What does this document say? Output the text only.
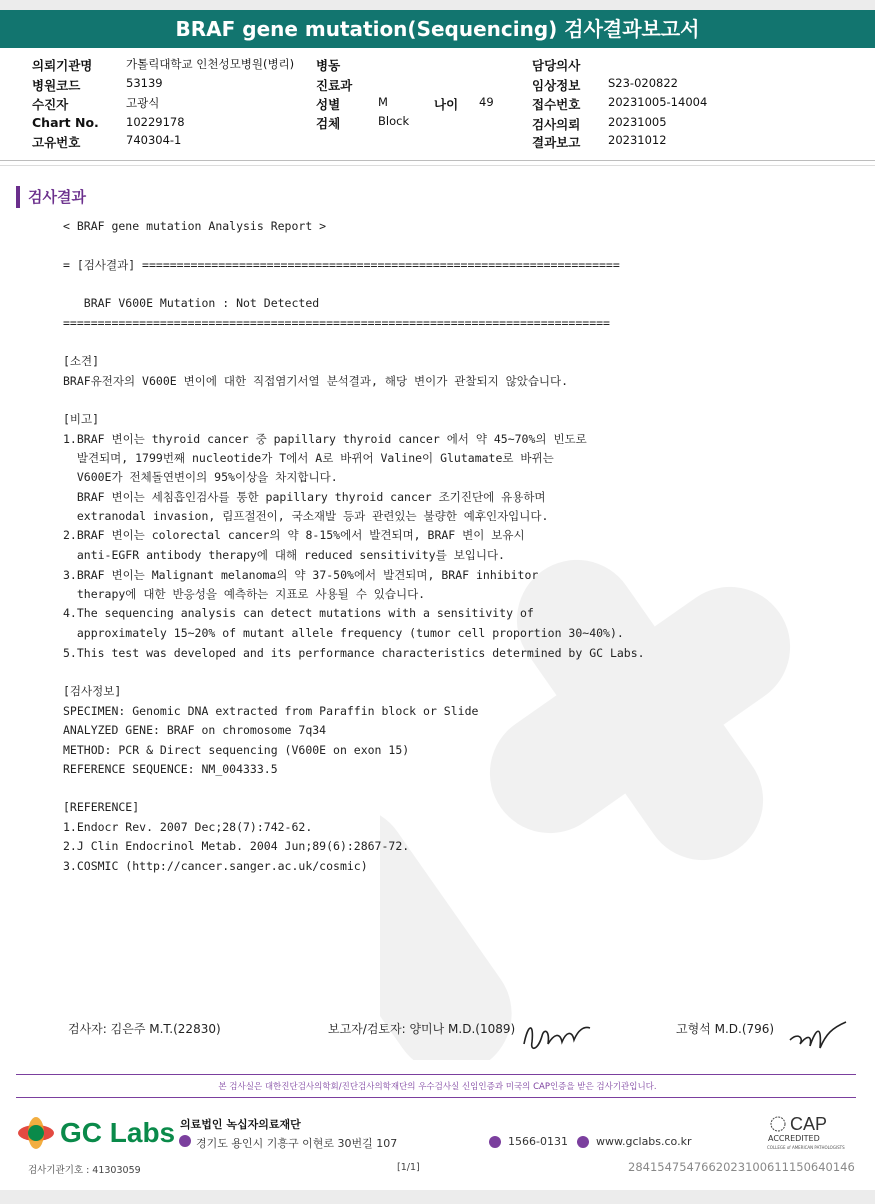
BRAF gene mutation(Sequencing) 검사결과보고서
의뢰기관명	가톨릭대학교 인천성모병원(병리) 병동	담당의사
병원코드	53139	진료과	임상정보 S23-020822
수진자	고광식	성별	M	나이 49	접수번호 20231005-14004
Chart No. 10229178	검체	Block	검사의뢰 20231005
고유번호	740304-1	결과보고 20231012
검사결과
< BRAF gene mutation Analysis Report >
= [검사결과] =====================================================================
BRAF V600E Mutation : Not Detected
===============================================================================
[소견]
BRAF유전자의 V600E 변이에 대한 직접염기서열 분석결과, 해당 변이가 관찰되지 않았습니다.
[비고]
1.BRAF 변이는 thyroid cancer 중 papillary thyroid cancer 에서 약 45~70%의 빈도로
발견되며, 1799번째 nucleotide가 T에서 A로 바뀌어 Valine이 Glutamate로 바뀌는
V600E가 전체돌연변이의 95%이상을 차지합니다.
BRAF 변이는 세침흡인검사를 통한 papillary thyroid cancer 조기진단에 유용하며
extranodal invasion, 림프절전이, 국소재발 등과 관련있는 불량한 예후인자입니다.
2.BRAF 변이는 colorectal cancer의 약 8-15%에서 발견되며, BRAF 변이 보유시
anti-EGFR antibody therapy에 대해 reduced sensitivity를 보입니다.
3.BRAF 변이는 Malignant melanoma의 약 37-50%에서 발견되며, BRAF inhibitor
therapy에 대한 반응성을 예측하는 지표로 사용될 수 있습니다.
4.The sequencing analysis can detect mutations with a sensitivity of
approximately 15~20% of mutant allele frequency (tumor cell proportion 30~40%).
5.This test was developed and its performance characteristics determined by GC Labs.
[검사정보]
SPECIMEN: Genomic DNA extracted from Paraffin block or Slide
ANALYZED GENE: BRAF on chromosome 7q34
METHOD: PCR & Direct sequencing (V600E on exon 15)
REFERENCE SEQUENCE: NM_004333.5
[REFERENCE]
1.Endocr Rev. 2007 Dec;28(7):742-62.
2.J Clin Endocrinol Metab. 2004 Jun;89(6):2867-72.
3.COSMIC (http://cancer.sanger.ac.uk/cosmic)
검사자: 김은주 M.T.(22830)	보고자/검토자: 양미나 M.D.(1089)	고형석 M.D.(796)
본 검사실은 대한진단검사의학회/진단검사의학재단의 우수검사실 신임인증과 미국의 CAP인증을 받은 검사기관입니다.
GC Labs 의료법인 녹십자의료재단
경기도 용인시 기흥구 이현로 30번길 107	1566-0131	www.gclabs.co.kr
CAP
ACCREDITED
COLLEGE of AMERICAN PATHOLOGISTS
검사기관기호 : 41303059	[1/1]	2841547547662023100611150640146
